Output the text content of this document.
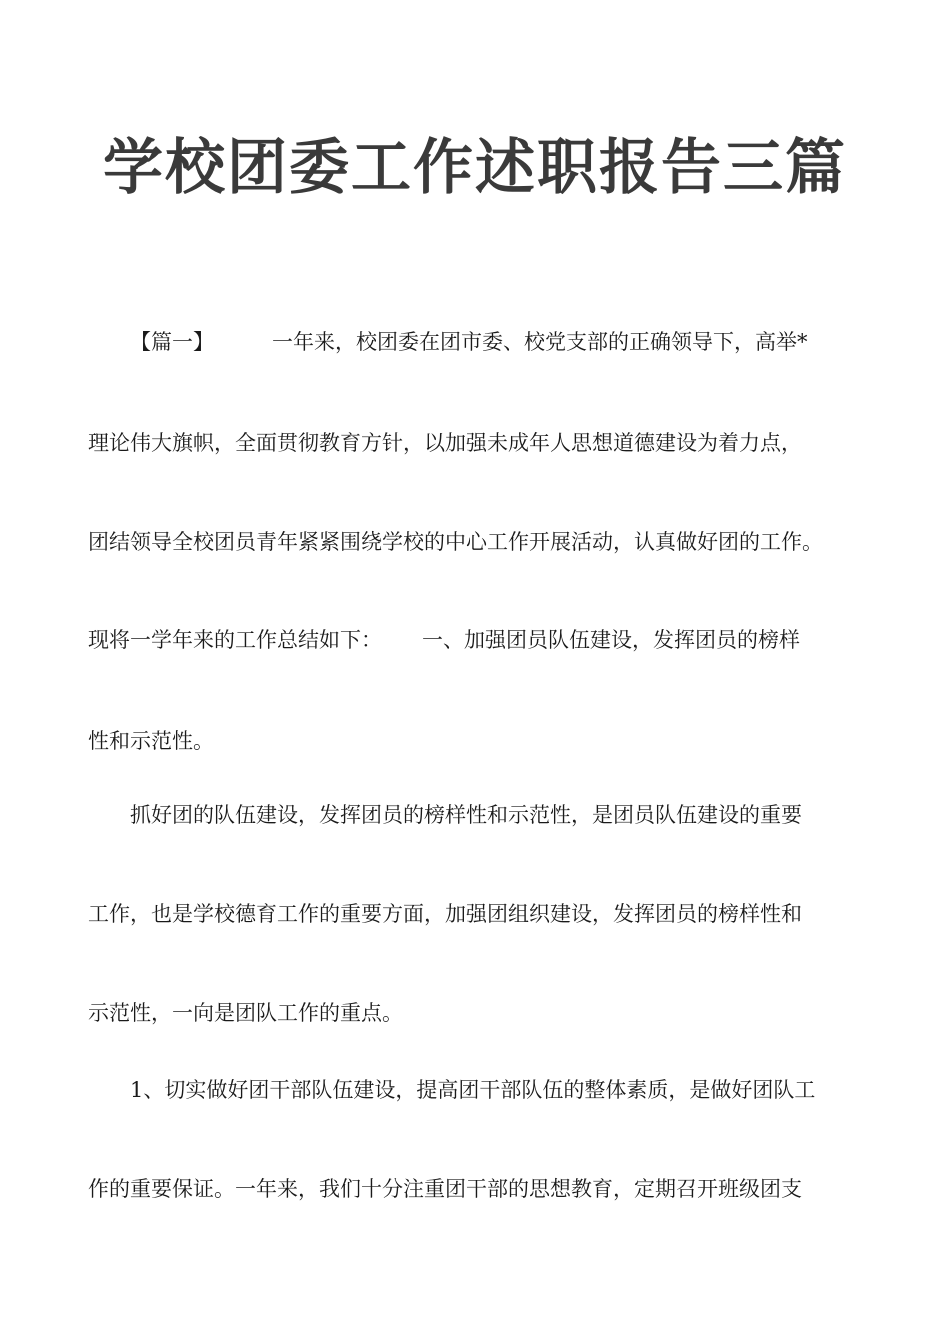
学校团委工作述职报告三篇

【篇一】	一年来，校团委在团市委、校党支部的正确领导下，高举*

理论伟大旗帜，全面贯彻教育方针，以加强未成年人思想道德建设为着力点，

团结领导全校团员青年紧紧围绕学校的中心工作开展活动，认真做好团的工作。

现将一学年来的工作总结如下： 一、加强团员队伍建设，发挥团员的榜样

性和示范性。

抓好团的队伍建设，发挥团员的榜样性和示范性，是团员队伍建设的重要

工作，也是学校德育工作的重要方面，加强团组织建设，发挥团员的榜样性和

示范性，一向是团队工作的重点。

1、切实做好团干部队伍建设，提高团干部队伍的整体素质，是做好团队工

作的重要保证。一年来，我们十分注重团干部的思想教育，定期召开班级团支
